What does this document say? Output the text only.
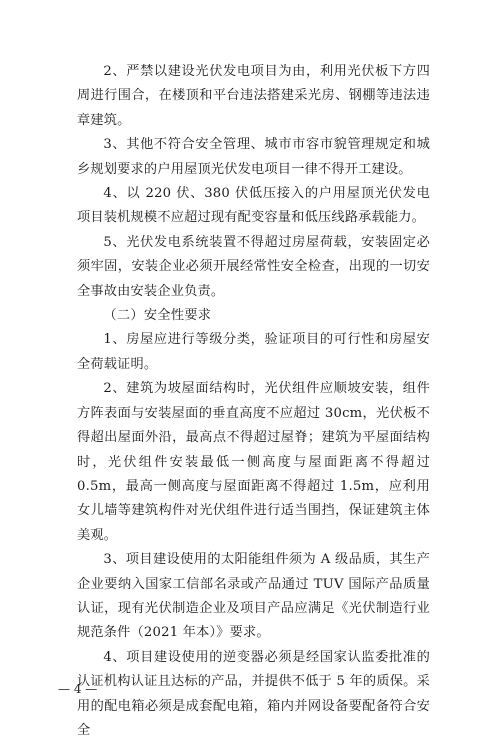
2、严禁以建设光伏发电项目为由，利用光伏板下方四周进行围合，在楼顶和平台违法搭建采光房、钢棚等违法违章建筑。

3、其他不符合安全管理、城市市容市貌管理规定和城乡规划要求的户用屋顶光伏发电项目一律不得开工建设。

4、以 220 伏、380 伏低压接入的户用屋顶光伏发电项目装机规模不应超过现有配变容量和低压线路承载能力。

5、光伏发电系统装置不得超过房屋荷载，安装固定必须牢固，安装企业必须开展经常性安全检查，出现的一切安全事故由安装企业负责。

（二）安全性要求

1、房屋应进行等级分类，验证项目的可行性和房屋安全荷载证明。

2、建筑为坡屋面结构时，光伏组件应顺坡安装，组件方阵表面与安装屋面的垂直高度不应超过 30cm，光伏板不得超出屋面外沿，最高点不得超过屋脊；建筑为平屋面结构时，光伏组件安装最低一侧高度与屋面距离不得超过 0.5m，最高一侧高度与屋面距离不得超过 1.5m，应利用女儿墙等建筑构件对光伏组件进行适当围挡，保证建筑主体美观。

3、项目建设使用的太阳能组件须为 A 级品质，其生产企业要纳入国家工信部名录或产品通过 TUV 国际产品质量认证，现有光伏制造企业及项目产品应满足《光伏制造行业规范条件（2021 年本）》要求。

4、项目建设使用的逆变器必须是经国家认监委批准的认证机构认证且达标的产品，并提供不低于 5 年的质保。采用的配电箱必须是成套配电箱，箱内并网设备要配备符合安全

— 4 —
